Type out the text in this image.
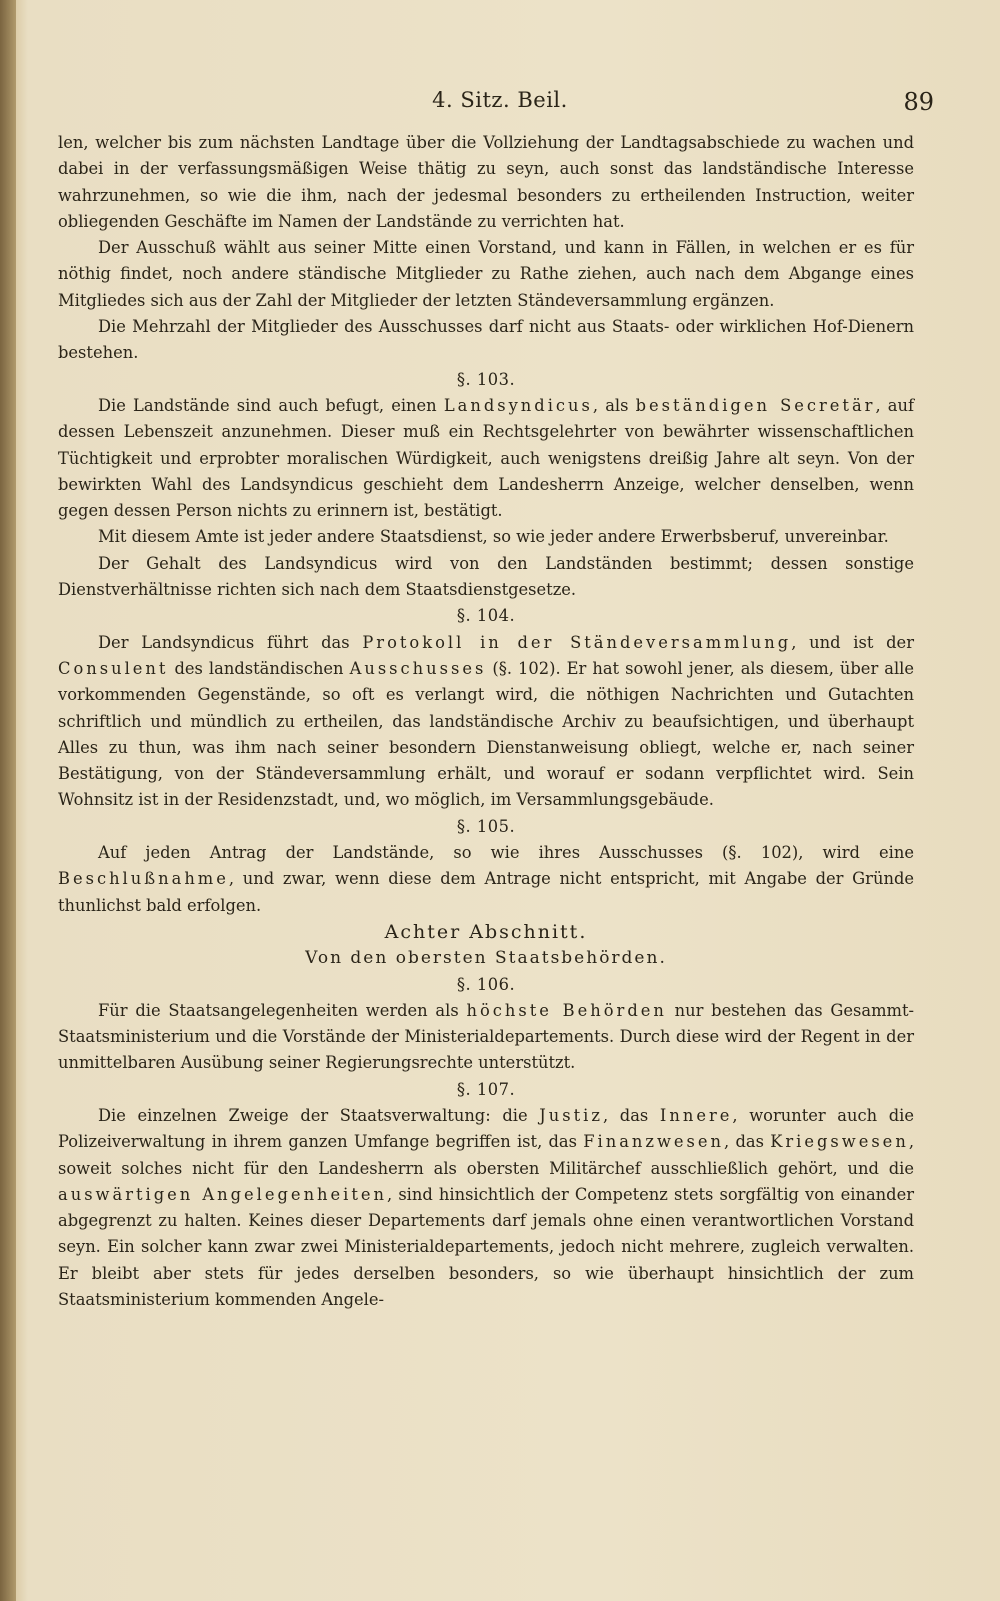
4. Sitz. Beil.	89

len, welcher bis zum nächsten Landtage über die Vollziehung der Landtagsabschiede zu wachen und dabei in der verfassungsmäßigen Weise thätig zu seyn, auch sonst das landständische Interesse wahrzunehmen, so wie die ihm, nach der jedesmal besonders zu ertheilenden Instruction, weiter obliegenden Geschäfte im Namen der Landstände zu verrichten hat.

Der Ausschuß wählt aus seiner Mitte einen Vorstand, und kann in Fällen, in welchen er es für nöthig findet, noch andere ständische Mitglieder zu Rathe ziehen, auch nach dem Abgange eines Mitgliedes sich aus der Zahl der Mitglieder der letzten Ständeversammlung ergänzen.

Die Mehrzahl der Mitglieder des Ausschusses darf nicht aus Staats- oder wirklichen Hof-Dienern bestehen.

§. 103.

Die Landstände sind auch befugt, einen Landsyndicus, als beständigen Secretär, auf dessen Lebenszeit anzunehmen. Dieser muß ein Rechtsgelehrter von bewährter wissenschaftlichen Tüchtigkeit und erprobter moralischen Würdigkeit, auch wenigstens dreißig Jahre alt seyn. Von der bewirkten Wahl des Landsyndicus geschieht dem Landesherrn Anzeige, welcher denselben, wenn gegen dessen Person nichts zu erinnern ist, bestätigt.

Mit diesem Amte ist jeder andere Staatsdienst, so wie jeder andere Erwerbsberuf, unvereinbar.

Der Gehalt des Landsyndicus wird von den Landständen bestimmt; dessen sonstige Dienstverhältnisse richten sich nach dem Staatsdienstgesetze.

§. 104.

Der Landsyndicus führt das Protokoll in der Ständeversammlung, und ist der Consulent des landständischen Ausschusses (§. 102). Er hat sowohl jener, als diesem, über alle vorkommenden Gegenstände, so oft es verlangt wird, die nöthigen Nachrichten und Gutachten schriftlich und mündlich zu ertheilen, das landständische Archiv zu beaufsichtigen, und überhaupt Alles zu thun, was ihm nach seiner besondern Dienstanweisung obliegt, welche er, nach seiner Bestätigung, von der Ständeversammlung erhält, und worauf er sodann verpflichtet wird. Sein Wohnsitz ist in der Residenzstadt, und, wo möglich, im Versammlungsgebäude.

§. 105.

Auf jeden Antrag der Landstände, so wie ihres Ausschusses (§. 102), wird eine Beschlußnahme, und zwar, wenn diese dem Antrage nicht entspricht, mit Angabe der Gründe thunlichst bald erfolgen.

Achter Abschnitt.

Von den obersten Staatsbehörden.

§. 106.

Für die Staatsangelegenheiten werden als höchste Behörden nur bestehen das Gesammt-Staatsministerium und die Vorstände der Ministerialdepartements. Durch diese wird der Regent in der unmittelbaren Ausübung seiner Regierungsrechte unterstützt.

§. 107.

Die einzelnen Zweige der Staatsverwaltung: die Justiz, das Innere, worunter auch die Polizeiverwaltung in ihrem ganzen Umfange begriffen ist, das Finanzwesen, das Kriegswesen, soweit solches nicht für den Landesherrn als obersten Militärchef ausschließlich gehört, und die auswärtigen Angelegenheiten, sind hinsichtlich der Competenz stets sorgfältig von einander abgegrenzt zu halten. Keines dieser Departements darf jemals ohne einen verantwortlichen Vorstand seyn. Ein solcher kann zwar zwei Ministerialdepartements, jedoch nicht mehrere, zugleich verwalten. Er bleibt aber stets für jedes derselben besonders, so wie überhaupt hinsichtlich der zum Staatsministerium kommenden Angele-
